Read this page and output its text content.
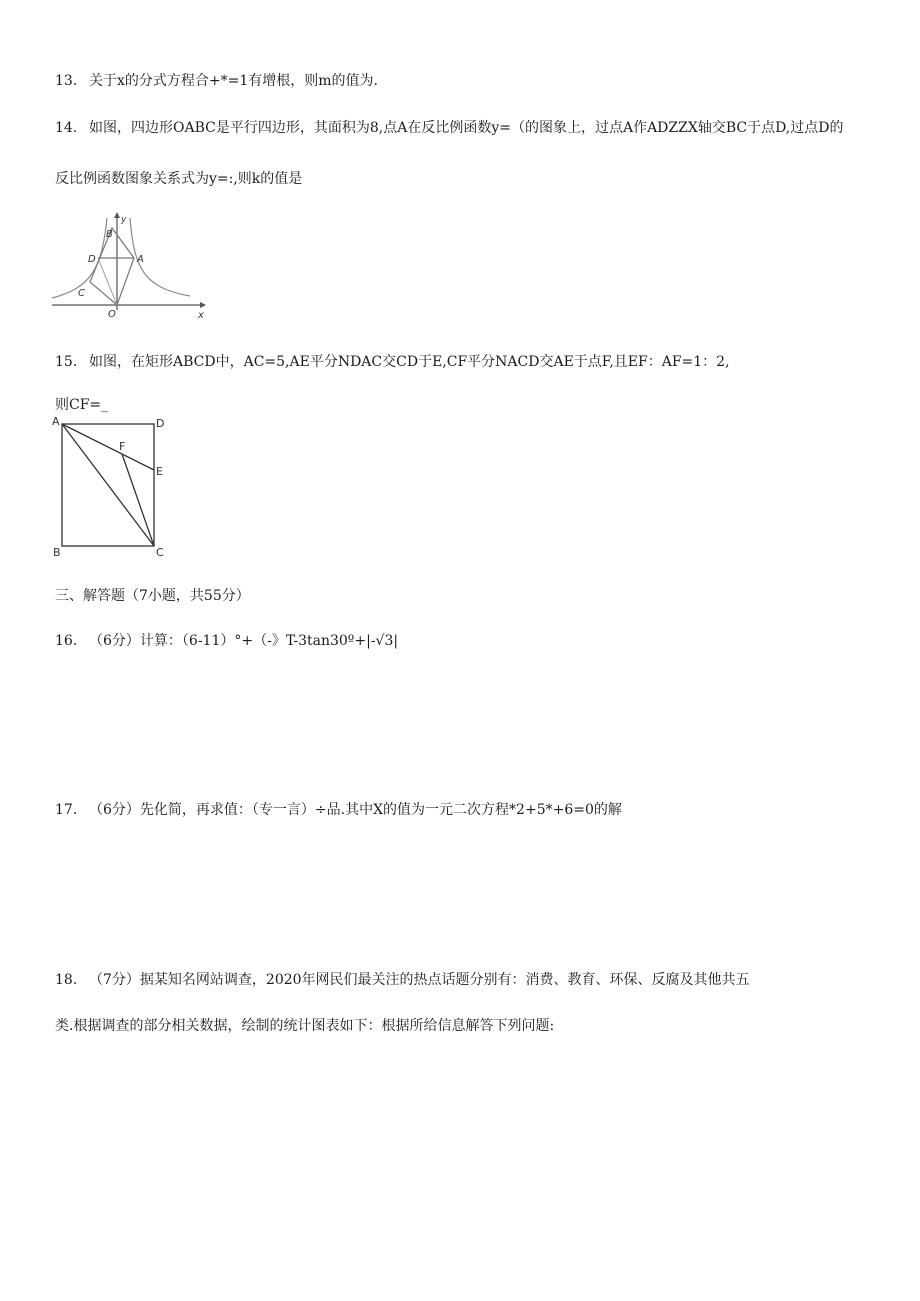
13. 关于x的分式方程合+*=1有增根，则m的值为.
14. 如图，四边形OABC是平行四边形，其面积为8,点A在反比例函数y=（的图象上，过点A作ADZZX轴交BC于点D,过点D的
反比例函数图象关系式为y=:,则k的值是
B
D	A
C
O	x
y
15. 如图，在矩形ABCD中，AC=5,AE平分NDAC交CD于E,CF平分NACD交AE于点F,且EF：AF=1：2,
则CF=_
A	D
F
E
B	C
三、解答题（7小题，共55分）
16. （6分）计算：（6-11）°+（-》T-3tan30º+|-√3|
17. （6分）先化简，再求值：（专一言）÷品.其中X的值为一元二次方程*2+5*+6=0的解
18. （7分）据某知名网站调查，2020年网民们最关注的热点话题分别有：消费、教育、环保、反腐及其他共五
类.根据调查的部分相关数据，绘制的统计图表如下：根据所给信息解答下列问题:
